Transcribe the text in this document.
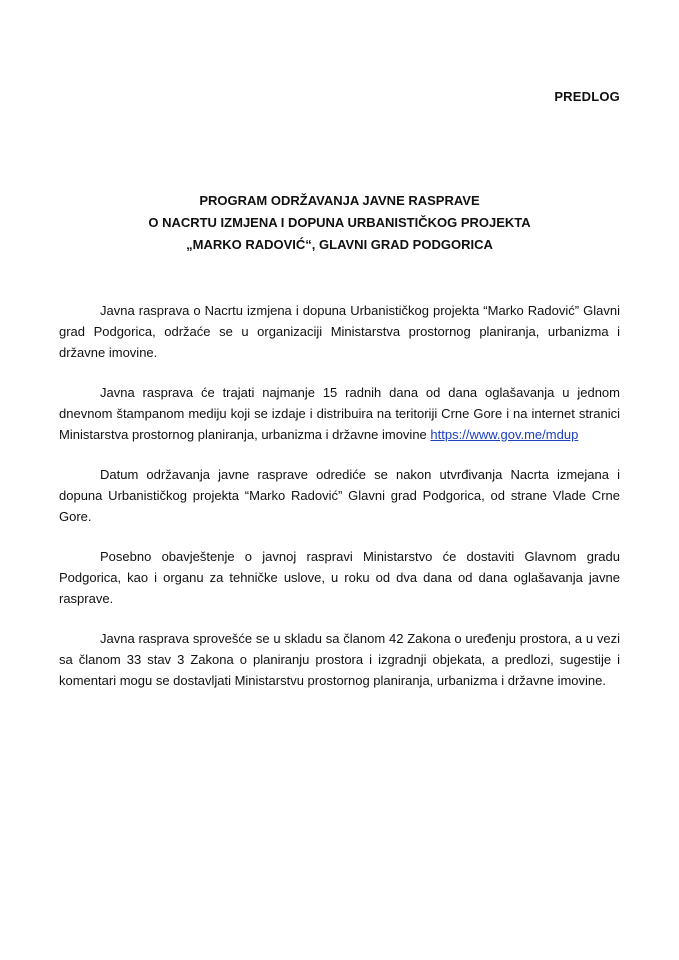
PREDLOG
PROGRAM ODRŽAVANJA JAVNE RASPRAVE
O NACRTU IZMJENA I DOPUNA URBANISTIČKOG PROJEKTA
„MARKO RADOVIĆ“, GLAVNI GRAD PODGORICA

Javna rasprava o Nacrtu izmjena i dopuna Urbanističkog projekta “Marko Radović” Glavni grad Podgorica, održaće se u organizaciji Ministarstva prostornog planiranja, urbanizma i državne imovine.

Javna rasprava će trajati najmanje 15 radnih dana od dana oglašavanja u jednom dnevnom štampanom mediju koji se izdaje i distribuira na teritoriji Crne Gore i na internet stranici Ministarstva prostornog planiranja, urbanizma i državne imovine https://www.gov.me/mdup

Datum održavanja javne rasprave odrediće se nakon utvrđivanja Nacrta izmejana i dopuna Urbanističkog projekta “Marko Radović” Glavni grad Podgorica, od strane Vlade Crne Gore.

Posebno obavještenje o javnoj raspravi Ministarstvo će dostaviti Glavnom gradu Podgorica, kao i organu za tehničke uslove, u roku od dva dana od dana oglašavanja javne rasprave.

Javna rasprava sprovešće se u skladu sa članom 42 Zakona o uređenju prostora, a u vezi sa članom 33 stav 3 Zakona o planiranju prostora i izgradnji objekata, a predlozi, sugestije i komentari mogu se dostavljati Ministarstvu prostornog planiranja, urbanizma i državne imovine.
